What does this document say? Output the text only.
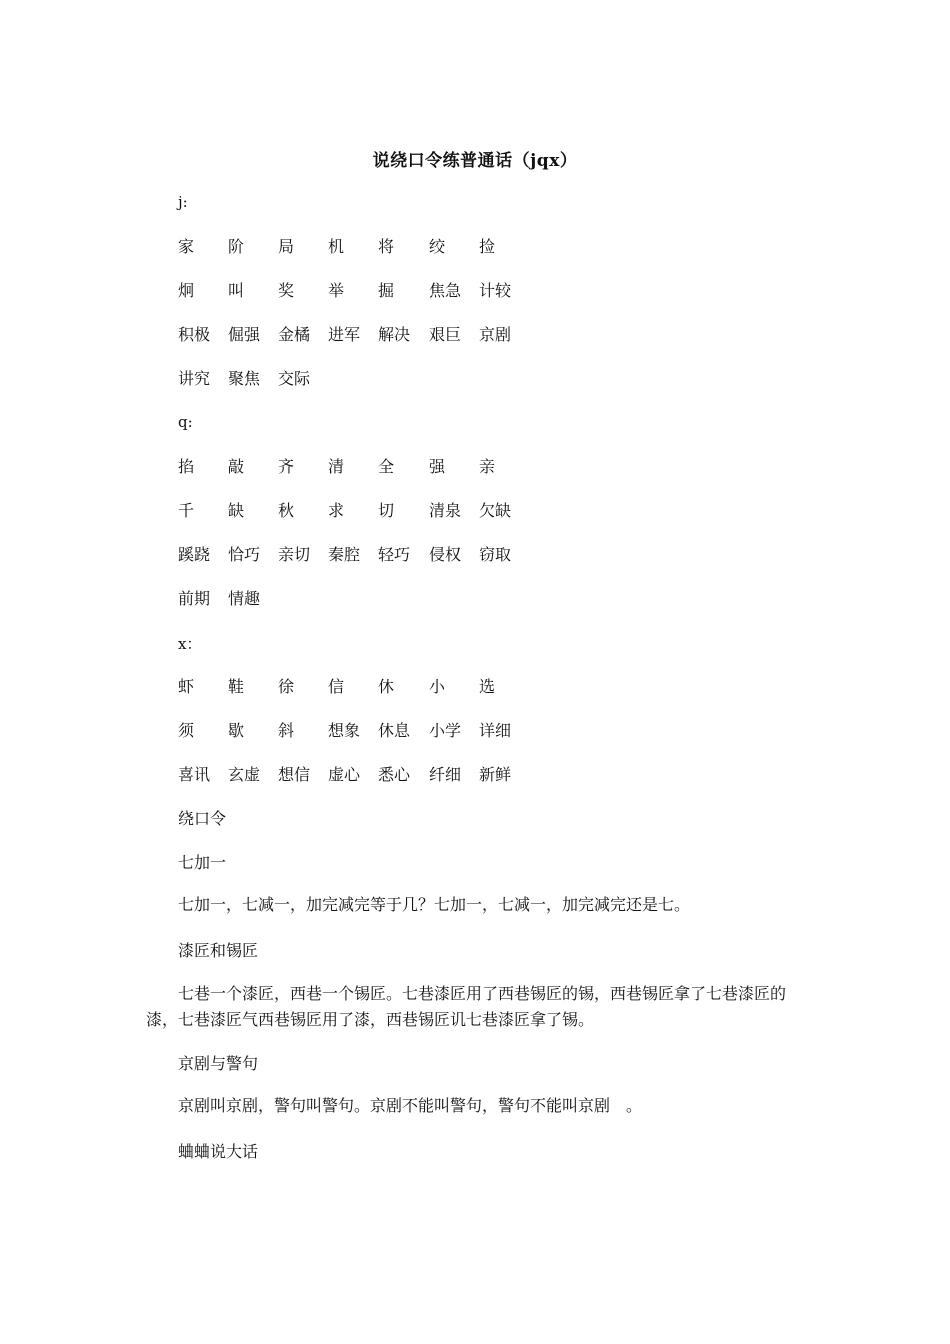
说绕口令练普通话（jqx）
j:
家 阶 局 机 将 绞 捡
炯 叫 奖 举 掘 焦急 计较
积极 倔强 金橘 进军 解决 艰巨 京剧
讲究 聚焦 交际
q:
掐 敲 齐 清 全 强 亲
千 缺 秋 求 切 清泉 欠缺
蹊跷 恰巧 亲切 秦腔 轻巧 侵权 窃取
前期 情趣
x：
虾 鞋 徐 信 休 小 选
须 歇 斜 想象 休息 小学 详细
喜讯 玄虚 想信 虚心 悉心 纤细 新鲜
绕口令
七加一
七加一，七减一，加完减完等于几？七加一，七减一，加完减完还是七。
漆匠和锡匠
七巷一个漆匠，西巷一个锡匠。七巷漆匠用了西巷锡匠的锡，西巷锡匠拿了七巷漆匠的漆，七巷漆匠气西巷锡匠用了漆，西巷锡匠讥七巷漆匠拿了锡。
京剧与警句
京剧叫京剧，警句叫警句。京剧不能叫警句，警句不能叫京剧　。
蛐蛐说大话
